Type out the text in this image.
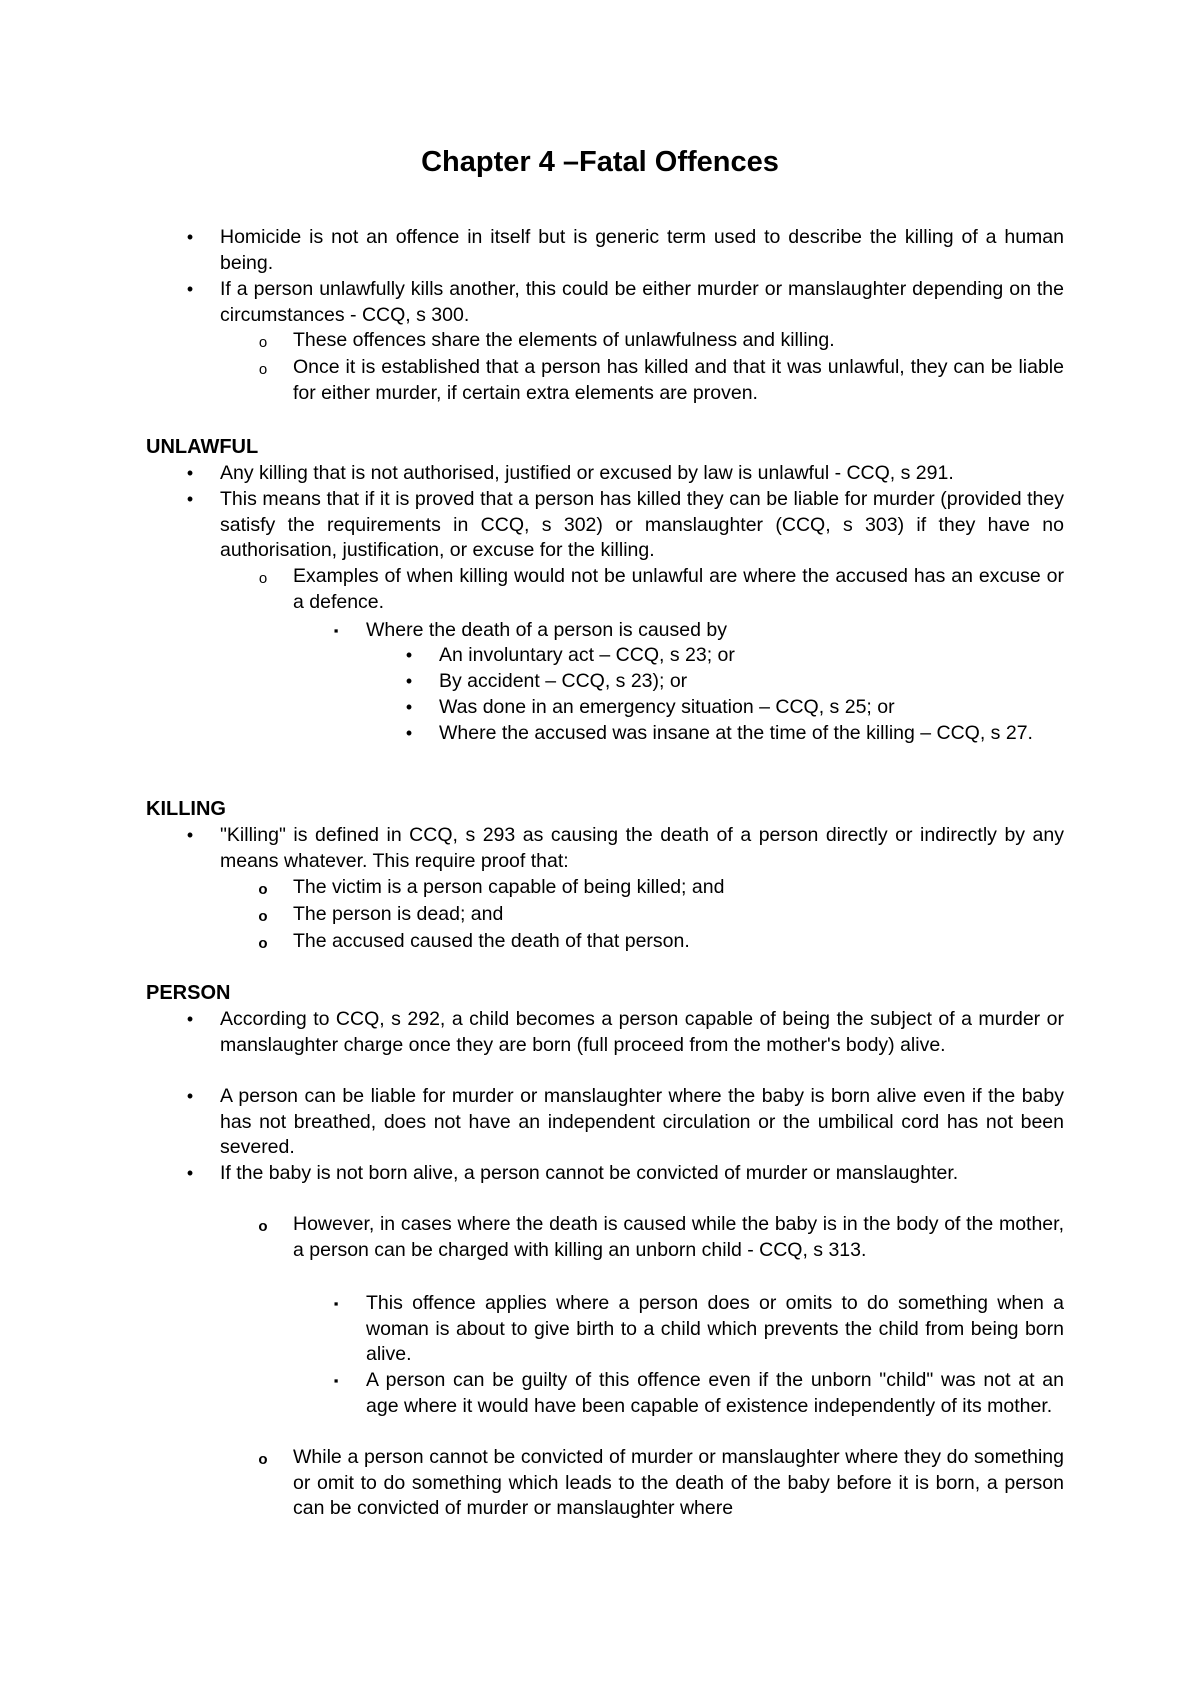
Chapter 4 –Fatal Offences
•	Homicide is not an offence in itself but is generic term used to describe the killing of a human being.
•	If a person unlawfully kills another, this could be either murder or manslaughter depending on the circumstances - CCQ, s 300.
o These offences share the elements of unlawfulness and killing.
o Once it is established that a person has killed and that it was unlawful, they can be liable for either murder, if certain extra elements are proven.
UNLAWFUL
•	Any killing that is not authorised, justified or excused by law is unlawful - CCQ, s 291.
•	This means that if it is proved that a person has killed they can be liable for murder (provided they satisfy the requirements in CCQ, s 302) or manslaughter (CCQ, s 303) if they have no authorisation, justification, or excuse for the killing.
o Examples of when killing would not be unlawful are where the accused has an excuse or a defence.
▪	Where the death of a person is caused by
•	An involuntary act – CCQ, s 23; or
•	By accident – CCQ, s 23); or
•	Was done in an emergency situation – CCQ, s 25; or
•	Where the accused was insane at the time of the killing – CCQ, s 27.
KILLING
•	"Killing" is defined in CCQ, s 293 as causing the death of a person directly or indirectly by any means whatever. This require proof that:
o The victim is a person capable of being killed; and
o The person is dead; and
o The accused caused the death of that person.
PERSON
•	According to CCQ, s 292, a child becomes a person capable of being the subject of a murder or manslaughter charge once they are born (full proceed from the mother's body) alive.
•	A person can be liable for murder or manslaughter where the baby is born alive even if the baby has not breathed, does not have an independent circulation or the umbilical cord has not been severed.
•	If the baby is not born alive, a person cannot be convicted of murder or manslaughter.
o However, in cases where the death is caused while the baby is in the body of the mother, a person can be charged with killing an unborn child - CCQ, s 313.
▪	This offence applies where a person does or omits to do something when a woman is about to give birth to a child which prevents the child from being born alive.
▪	A person can be guilty of this offence even if the unborn "child" was not at an age where it would have been capable of existence independently of its mother.
o While a person cannot be convicted of murder or manslaughter where they do something or omit to do something which leads to the death of the baby before it is born, a person can be convicted of murder or manslaughter where
